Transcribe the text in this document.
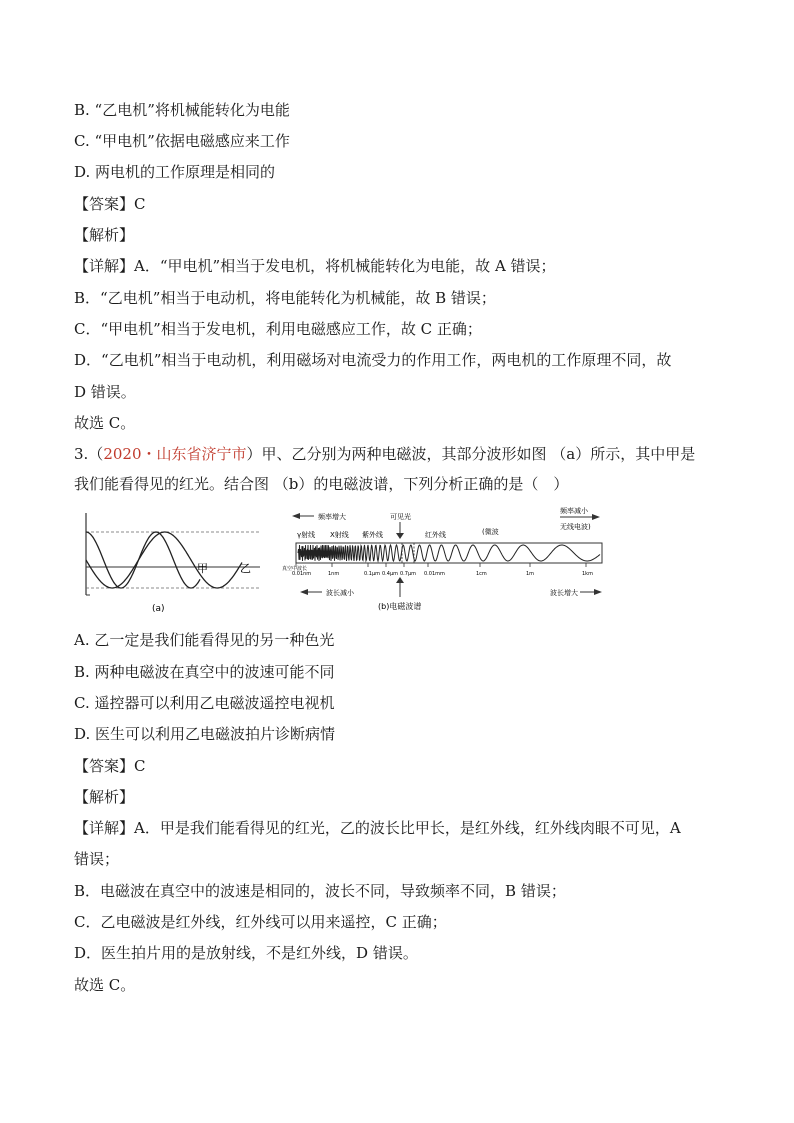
B. “乙电机”将机械能转化为电能
C. “甲电机”依据电磁感应来工作
D. 两电机的工作原理是相同的
【答案】C
【解析】
【详解】A．“甲电机”相当于发电机，将机械能转化为电能，故 A 错误；
B．“乙电机”相当于电动机，将电能转化为机械能，故 B 错误；
C．“甲电机”相当于发电机，利用电磁感应工作，故 C 正确；
D．“乙电机”相当于电动机，利用磁场对电流受力的作用工作，两电机的工作原理不同，故
D 错误。
故选 C。
3.（2020・山东省济宁市）甲、乙分别为两种电磁波，其部分波形如图 （a）所示，其中甲是
我们能看得见的红光。结合图 （b）的电磁波谱，下列分析正确的是（　）
甲	乙
(a)
频率增大
频率减小
无线电波)
可见光
γ射线 X射线 紫外线	红外线	(微波
真空中波长
0.01nm	1nm	0.1μm 0.4μm 0.7μm 0.01mm	1cm	1m	1km
波长减小	波长增大
(b)电磁波谱
A. 乙一定是我们能看得见的另一种色光
B. 两种电磁波在真空中的波速可能不同
C. 遥控器可以利用乙电磁波遥控电视机
D. 医生可以利用乙电磁波拍片诊断病情
【答案】C
【解析】
【详解】A．甲是我们能看得见的红光，乙的波长比甲长，是红外线，红外线肉眼不可见，A
错误；
B．电磁波在真空中的波速是相同的，波长不同，导致频率不同，B 错误；
C．乙电磁波是红外线，红外线可以用来遥控，C 正确；
D．医生拍片用的是放射线，不是红外线，D 错误。
故选 C。
